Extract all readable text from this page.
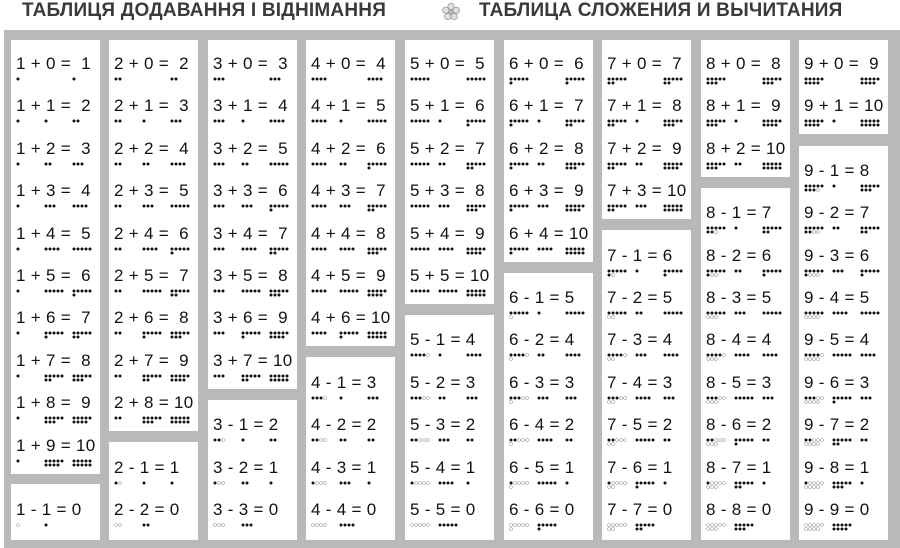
ТАБЛИЦЯ ДОДАВАННЯ І ВІДНІМАННЯ	ТАБЛИЦА СЛОЖЕНИЯ И ВЫЧИТАНИЯ
1 + 0 =  1
1 + 1 =  2
1 + 2 =  3
1 + 3 =  4
1 + 4 =  5
1 + 5 =  6
1 + 6 =  7
1 + 7 =  8
1 + 8 =  9
1 + 9 = 10
1 - 1 = 0
2 + 0 =  2
2 + 1 =  3
2 + 2 =  4
2 + 3 =  5
2 + 4 =  6
2 + 5 =  7
2 + 6 =  8
2 + 7 =  9
2 + 8 = 10
2 - 1 = 1
2 - 2 = 0
3 + 0 =  3
3 + 1 =  4
3 + 2 =  5
3 + 3 =  6
3 + 4 =  7
3 + 5 =  8
3 + 6 =  9
3 + 7 = 10
3 - 1 = 2
3 - 2 = 1
3 - 3 = 0
4 + 0 =  4
4 + 1 =  5
4 + 2 =  6
4 + 3 =  7
4 + 4 =  8
4 + 5 =  9
4 + 6 = 10
4 - 1 = 3
4 - 2 = 2
4 - 3 = 1
4 - 4 = 0
5 + 0 =  5
5 + 1 =  6
5 + 2 =  7
5 + 3 =  8
5 + 4 =  9
5 + 5 = 10
5 - 1 = 4
5 - 2 = 3
5 - 3 = 2
5 - 4 = 1
5 - 5 = 0
6 + 0 =  6
6 + 1 =  7
6 + 2 =  8
6 + 3 =  9
6 + 4 = 10
6 - 1 = 5
6 - 2 = 4
6 - 3 = 3
6 - 4 = 2
6 - 5 = 1
6 - 6 = 0
7 + 0 =  7
7 + 1 =  8
7 + 2 =  9
7 + 3 = 10
7 - 1 = 6
7 - 2 = 5
7 - 3 = 4
7 - 4 = 3
7 - 5 = 2
7 - 6 = 1
7 - 7 = 0
8 + 0 =  8
8 + 1 =  9
8 + 2 = 10
8 - 1 = 7
8 - 2 = 6
8 - 3 = 5
8 - 4 = 4
8 - 5 = 3
8 - 6 = 2
8 - 7 = 1
8 - 8 = 0
9 + 0 =  9
9 + 1 = 10
9 - 1 = 8
9 - 2 = 7
9 - 3 = 6
9 - 4 = 5
9 - 5 = 4
9 - 6 = 3
9 - 7 = 2
9 - 8 = 1
9 - 9 = 0
